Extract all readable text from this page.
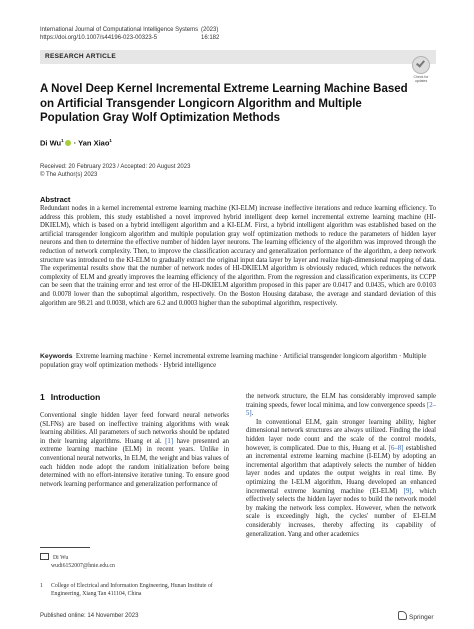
International Journal of Computational Intelligence Systems (2023) 16:182
https://doi.org/10.1007/s44196-023-00323-5
RESEARCH ARTICLE
Check for updates
A Novel Deep Kernel Incremental Extreme Learning Machine Based on Artificial Transgender Longicorn Algorithm and Multiple Population Gray Wolf Optimization Methods
Di $Wu^1$ · Yan Xiao$^1$
Received: 20 February 2023 / Accepted: 20 August 2023
© The Author(s) 2023
Abstract
Redundant nodes in a kernel incremental extreme learning machine (KI-ELM) increase ineffective iterations and reduce learning efficiency. To address this problem, this study established a novel improved hybrid intelligent deep kernel incremental extreme learning machine (HI-DKIELM), which is based on a hybrid intelligent algorithm and a KI-ELM. First, a hybrid intelligent algorithm was established based on the artificial transgender longicorn algorithm and multiple population gray wolf optimization methods to reduce the parameters of hidden layer neurons and then to determine the effective number of hidden layer neurons. The learning efficiency of the algorithm was improved through the reduction of network complexity. Then, to improve the classification accuracy and generalization performance of the algorithm, a deep network structure was introduced to the KI-ELM to gradually extract the original input data layer by layer and realize high-dimensional mapping of data. The experimental results show that the number of network nodes of HI-DKIELM algorithm is obviously reduced, which reduces the network complexity of ELM and greatly improves the learning efficiency of the algorithm. From the regression and classification experiments, its CCPP can be seen that the training error and test error of the HI-DKIELM algorithm proposed in this paper are 0.0417 and 0.0435, which are 0.0103 and 0.0078 lower than the suboptimal algorithm, respectively. On the Boston Housing database, the average and standard deviation of this algorithm are 98.21 and 0.0038, which are 6.2 and 0.0003 higher than the suboptimal algorithm, respectively.
Keywords Extreme learning machine · Kernel incremental extreme learning machine · Artificial transgender longicorn algorithm · Multiple population gray wolf optimization methods · Hybrid intelligence
1 Introduction

Conventional single hidden layer feed forward neural networks (SLFNs) are based on ineffective training algorithms with weak learning abilities. All parameters of such networks should be updated in their learning algorithms. Huang et al. [1] have presented an extreme learning machine (ELM) in recent years. Unlike in conventional neural networks, In ELM, the weight and bias values of each hidden node adopt the random initialization before being determined with no effort-intensive iterative tuning. To ensure good network learning performance and generalization performance of

the network structure, the ELM has considerably improved sample training speeds, fewer local minima, and low convergence speeds [2–5].

In conventional ELM, gain stronger learning ability, higher dimensional network structures are always utilized. Finding the ideal hidden layer node count and the scale of the control models, however, is complicated. Due to this, Huang et al. [6–8] established an incremental extreme learning machine (I-ELM) by adopting an incremental algorithm that adaptively selects the number of hidden layer nodes and updates the output weights in real time. By optimizing the I-ELM algorithm, Huang developed an enhanced incremental extreme learning machine (EI-ELM) [9], which effectively selects the hidden layer nodes to build the network model by making the network less complex. However, when the network scale is exceedingly high, the cycles' number of EI-ELM considerably increases, thereby affecting its capability of generalization. Yang and other academics

Di Wu
wudi6152007@hnie.edu.cn
1	College of Electrical and Information Engineering, Hunan Institute of Engineering, Xiang Tan 411104, China
Published online: 14 November 2023	Springer
